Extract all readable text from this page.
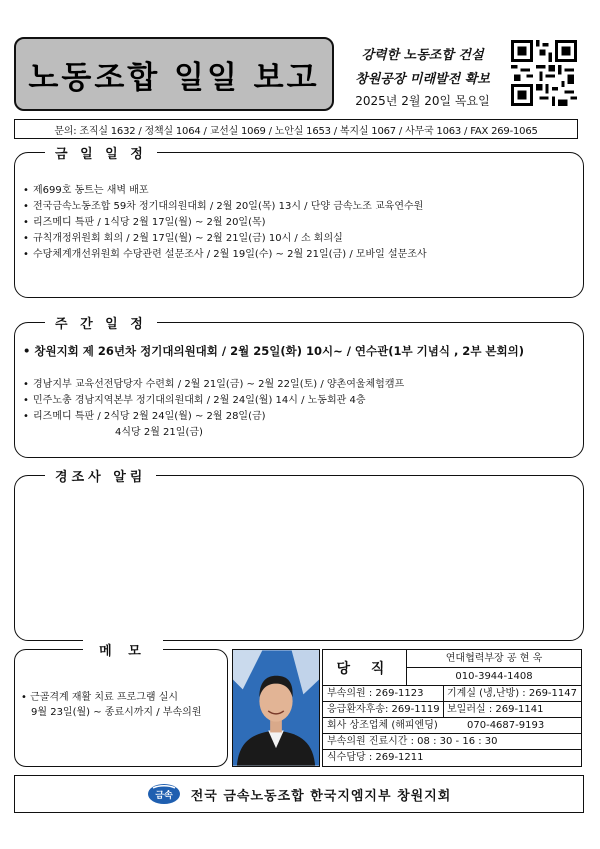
노동조합 일일 보고
강력한 노동조합 건설
창원공장 미래발전 확보
2025년 2월 20일 목요일
문의: 조직실 1632 / 정책실 1064 / 교선실 1069 / 노안실 1653 / 복지실 1067 / 사무국 1063 / FAX 269-1065
금 일 일 정
• 제699호 동트는 새벽 배포
• 전국금속노동조합 59차 정기대의원대회 / 2월 20일(목) 13시 / 단양 금속노조 교육연수원
• 리즈메디 특판 / 1식당 2월 17일(월) ~ 2월 20일(목)
• 규칙개정위원회 회의 / 2월 17일(월) ~ 2월 21일(금) 10시 / 소 회의실
• 수당체계개선위원회 수당관련 설문조사 / 2월 19일(수) ~ 2월 21일(금) / 모바일 설문조사
주 간 일 정
• 창원지회 제 26년차 정기대의원대회 / 2월 25일(화) 10시~ / 연수관(1부 기념식 , 2부 본회의)
• 경남지부 교육선전담당자 수련회 / 2월 21일(금) ~ 2월 22일(토) / 양촌여울체험캠프
• 민주노총 경남지역본부 정기대의원대회 / 2월 24일(월) 14시 / 노동회관 4층
• 리즈메디 특판 / 2식당 2월 24일(월) ~ 2월 28일(금)
4식당 2월 21일(금)
경조사 알림
메 모
• 근골격계 재활 치료 프로그램 실시
9월 23일(월) ~ 종료시까지 / 부속의원
당 직
연대협력부장 공 현 욱
010-3944-1408
부속의원 : 269-1123 기계실 (냉,난방) : 269-1147
응급환자후송: 269-1119 보일러실 : 269-1141
회사 상조업체 (해피엔딩)	070-4687-9193
부속의원 진료시간 : 08 : 30 - 16 : 30
식수담당 : 269-1211
금속 전국 금속노동조합 한국지엠지부 창원지회
